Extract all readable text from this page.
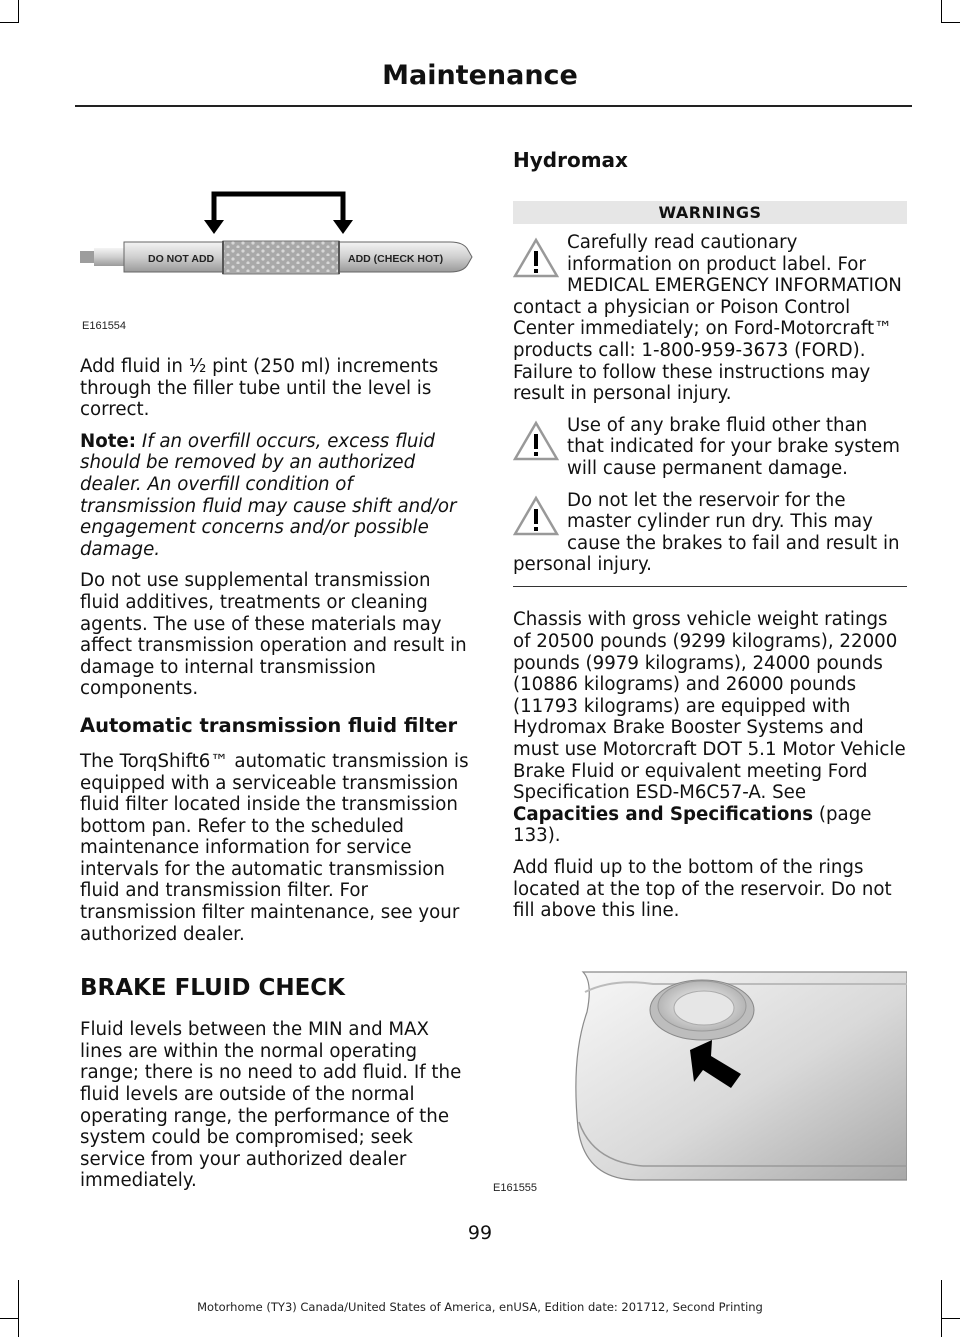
Maintenance
DO NOT ADD	ADD (CHECK HOT)
E161554

Add fluid in ½ pint (250 ml) increments through the filler tube until the level is correct.

Note: If an overfill occurs, excess fluid should be removed by an authorized dealer. An overfill condition of transmission fluid may cause shift and/or engagement concerns and/or possible damage.

Do not use supplemental transmission fluid additives, treatments or cleaning agents. The use of these materials may affect transmission operation and result in damage to internal transmission components.

Automatic transmission fluid filter

The TorqShift6™ automatic transmission is equipped with a serviceable transmission fluid filter located inside the transmission bottom pan. Refer to the scheduled maintenance information for service intervals for the automatic transmission fluid and transmission filter. For transmission filter maintenance, see your authorized dealer.

BRAKE FLUID CHECK

Fluid levels between the MIN and MAX lines are within the normal operating range; there is no need to add fluid. If the fluid levels are outside of the normal operating range, the performance of the system could be compromised; seek service from your authorized dealer immediately.

Hydromax
WARNINGS
Carefully read cautionary information on product label. For MEDICAL EMERGENCY INFORMATION contact a physician or Poison Control Center immediately; on Ford-Motorcraft™ products call: 1-800-959-3673 (FORD). Failure to follow these instructions may result in personal injury.
Use of any brake fluid other than that indicated for your brake system will cause permanent damage.
Do not let the reservoir for the master cylinder run dry. This may cause the brakes to fail and result in personal injury.

Chassis with gross vehicle weight ratings of 20500 pounds (9299 kilograms), 22000 pounds (9979 kilograms), 24000 pounds (10886 kilograms) and 26000 pounds (11793 kilograms) are equipped with Hydromax Brake Booster Systems and must use Motorcraft DOT 5.1 Motor Vehicle Brake Fluid or equivalent meeting Ford Specification ESD-M6C57-A. See Capacities and Specifications (page 133).

Add fluid up to the bottom of the rings located at the top of the reservoir. Do not fill above this line.

E161555
99
Motorhome (TY3) Canada/United States of America, enUSA, Edition date: 201712, Second Printing
